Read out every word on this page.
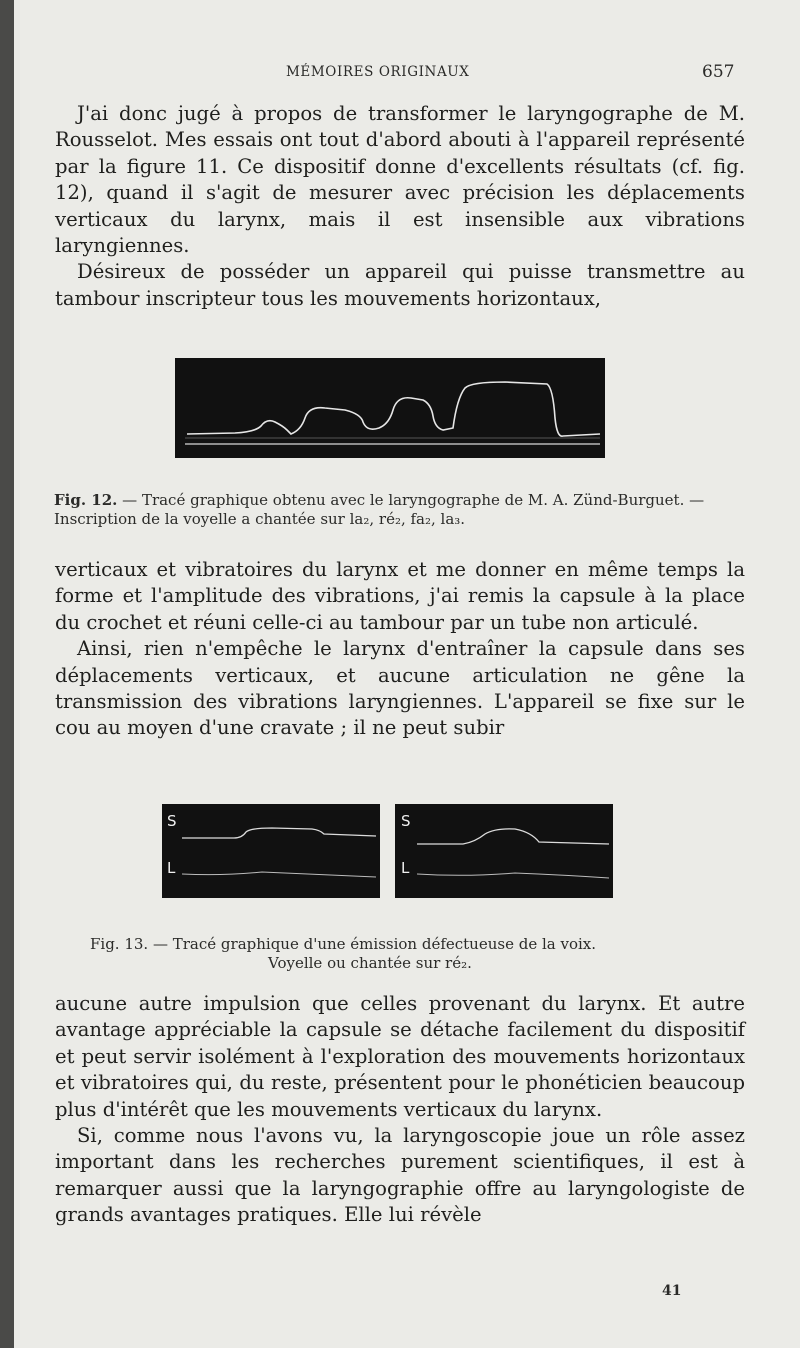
MÉMOIRES ORIGINAUX	657

J'ai donc jugé à propos de transformer le laryngographe de M. Rousselot. Mes essais ont tout d'abord abouti à l'appareil représenté par la figure 11. Ce dispositif donne d'excellents résultats (cf. fig. 12), quand il s'agit de mesurer avec précision les déplacements verticaux du larynx, mais il est insensible aux vibrations laryngiennes.

Désireux de posséder un appareil qui puisse transmettre au tambour inscripteur tous les mouvements horizontaux,

Fig. 12. — Tracé graphique obtenu avec le laryngographe de M. A. Zünd-Burguet. — Inscription de la voyelle a chantée sur la₂, ré₂, fa₂, la₃.

verticaux et vibratoires du larynx et me donner en même temps la forme et l'amplitude des vibrations, j'ai remis la capsule à la place du crochet et réuni celle-ci au tambour par un tube non articulé.

Ainsi, rien n'empêche le larynx d'entraîner la capsule dans ses déplacements verticaux, et aucune articulation ne gêne la transmission des vibrations laryngiennes. L'appareil se fixe sur le cou au moyen d'une cravate ; il ne peut subir

S
L
S
L
Fig. 13. — Tracé graphique d'une émission défectueuse de la voix.
Voyelle ou chantée sur ré₂.

aucune autre impulsion que celles provenant du larynx. Et autre avantage appréciable la capsule se détache facilement du dispositif et peut servir isolément à l'exploration des mouvements horizontaux et vibratoires qui, du reste, présentent pour le phonéticien beaucoup plus d'intérêt que les mouvements verticaux du larynx.

Si, comme nous l'avons vu, la laryngoscopie joue un rôle assez important dans les recherches purement scientifiques, il est à remarquer aussi que la laryngographie offre au laryngologiste de grands avantages pratiques. Elle lui révèle

41
